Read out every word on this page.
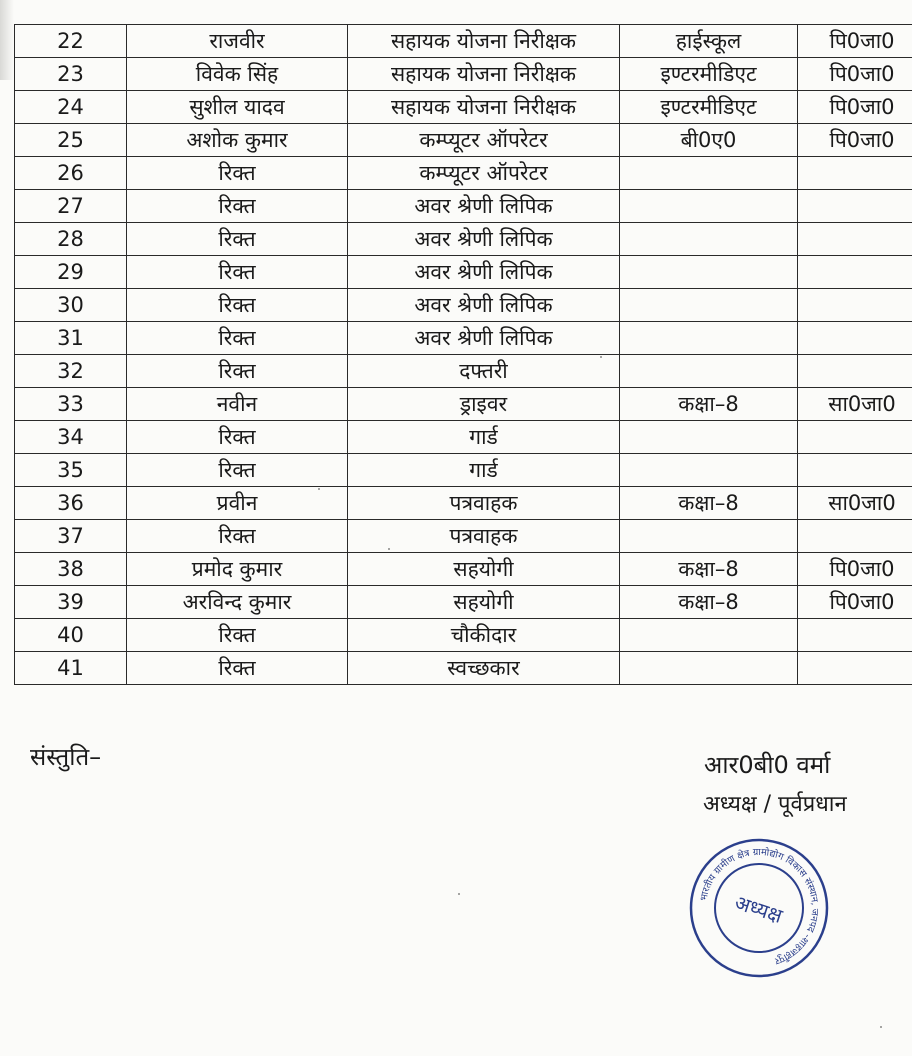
22	राजवीर	सहायक योजना निरीक्षक	हाईस्कूल	पि0जा0
23	विवेक सिंह	सहायक योजना निरीक्षक	इण्टरमीडिएट	पि0जा0
24	सुशील यादव	सहायक योजना निरीक्षक	इण्टरमीडिएट	पि0जा0
25	अशोक कुमार	कम्प्यूटर ऑपरेटर	बी0ए0	पि0जा0
26	रिक्त	कम्प्यूटर ऑपरेटर		
27	रिक्त	अवर श्रेणी लिपिक		
28	रिक्त	अवर श्रेणी लिपिक		
29	रिक्त	अवर श्रेणी लिपिक		
30	रिक्त	अवर श्रेणी लिपिक		
31	रिक्त	अवर श्रेणी लिपिक		
32	रिक्त	दफ्तरी		
33	नवीन	ड्राइवर	कक्षा–8	सा0जा0
34	रिक्त	गार्ड		
35	रिक्त	गार्ड		
36	प्रवीन	पत्रवाहक	कक्षा–8	सा0जा0
37	रिक्त	पत्रवाहक		
38	प्रमोद कुमार	सहयोगी	कक्षा–8	पि0जा0
39	अरविन्द कुमार	सहयोगी	कक्षा–8	पि0जा0
40	रिक्त	चौकीदार		
41	रिक्त	स्वच्छकार		
संस्तुति–	आर0बी0 वर्मा
अध्यक्ष / पूर्वप्रधान
भारतीय ग्रामीण क्षेत्र ग्रामोद्योग विकास संस्थान, जनपद -शाहजहाँपुर
अध्यक्ष
